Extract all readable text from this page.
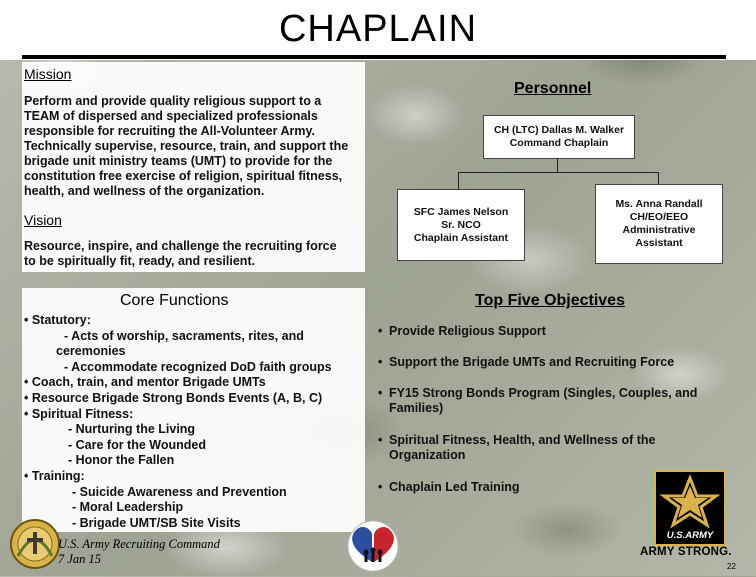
CHAPLAIN
Mission
Perform and provide quality religious support to a
TEAM of dispersed and specialized professionals
responsible for recruiting the All-Volunteer Army.
Technically supervise, resource, train, and support the
brigade unit ministry teams (UMT) to provide for the
constitution free exercise of religion, spiritual fitness,
health, and wellness of the organization.
Vision
Resource, inspire, and challenge the recruiting force
to be spiritually fit, ready, and resilient.
Personnel
CH (LTC) Dallas M. Walker
Command Chaplain
SFC James Nelson
Sr. NCO
Chaplain Assistant
Ms. Anna Randall
CH/EO/EEO
Administrative
Assistant
Core Functions
• Statutory:
- Acts of worship, sacraments, rites, and
ceremonies
- Accommodate recognized DoD faith groups
• Coach, train, and mentor Brigade UMTs
• Resource Brigade Strong Bonds Events (A, B, C)
• Spiritual Fitness:
- Nurturing the Living
- Care for the Wounded
- Honor the Fallen
• Training:
- Suicide Awareness and Prevention
- Moral Leadership
- Brigade UMT/SB Site Visits
Top Five Objectives
• Provide Religious Support
• Support the Brigade UMTs and Recruiting Force
• FY15 Strong Bonds Program (Singles, Couples, and
Families)
• Spiritual Fitness, Health, and Wellness of the
Organization
• Chaplain Led Training
U.S. Army Recruiting Command
7 Jan 15
U.S.ARMY
ARMY STRONG.
22
